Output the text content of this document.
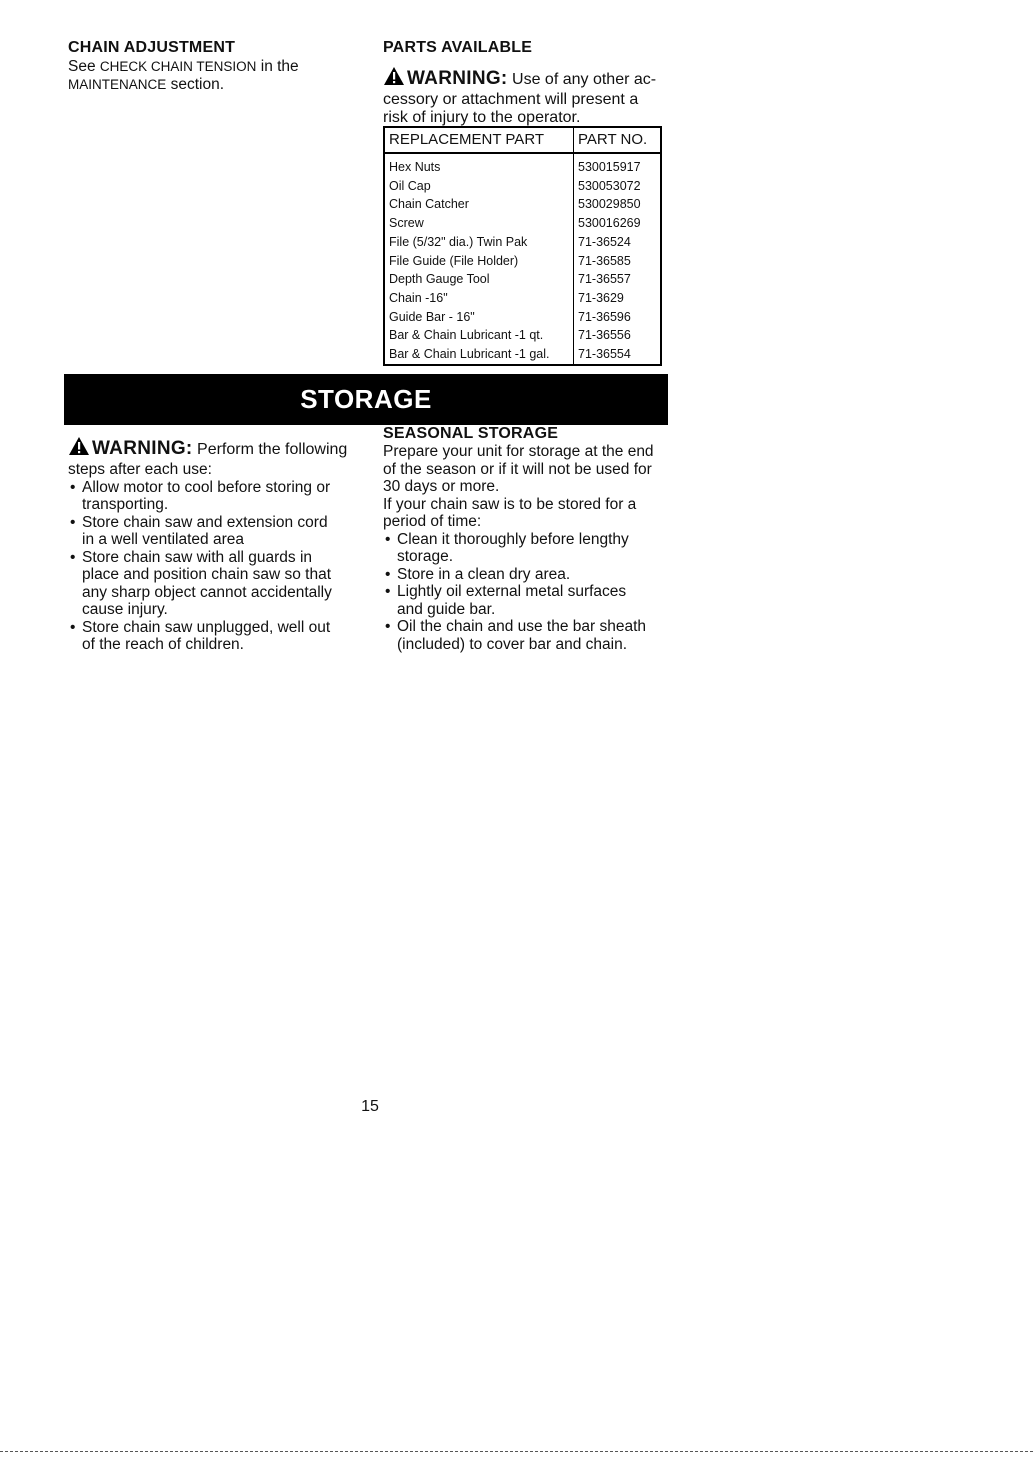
CHAIN ADJUSTMENT
See CHECK CHAIN TENSION in the
MAINTENANCE section.
PARTS AVAILABLE
WARNING: Use of any other ac-
cessory or attachment will present a
risk of injury to the operator.
REPLACEMENT PART	PART NO.
Hex Nuts	530015917
Oil Cap	530053072
Chain Catcher	530029850
Screw	530016269
File (5/32" dia.) Twin Pak	71-36524
File Guide (File Holder)	71-36585
Depth Gauge Tool	71-36557
Chain -16"	71-3629
Guide Bar - 16"	71-36596
Bar & Chain Lubricant -1 qt.	71-36556
Bar & Chain Lubricant -1 gal.	71-36554
STORAGE
WARNING: Perform the following
steps after each use:
• Allow motor to cool before storing or
transporting.
• Store chain saw and extension cord
in a well ventilated area
• Store chain saw with all guards in
place and position chain saw so that
any sharp object cannot accidentally
cause injury.
• Store chain saw unplugged, well out
of the reach of children.
SEASONAL STORAGE
Prepare your unit for storage at the end
of the season or if it will not be used for
30 days or more.
If your chain saw is to be stored for a
period of time:
• Clean it thoroughly before lengthy
storage.
• Store in a clean dry area.
• Lightly oil external metal surfaces
and guide bar.
• Oil the chain and use the bar sheath
(included) to cover bar and chain.
15
